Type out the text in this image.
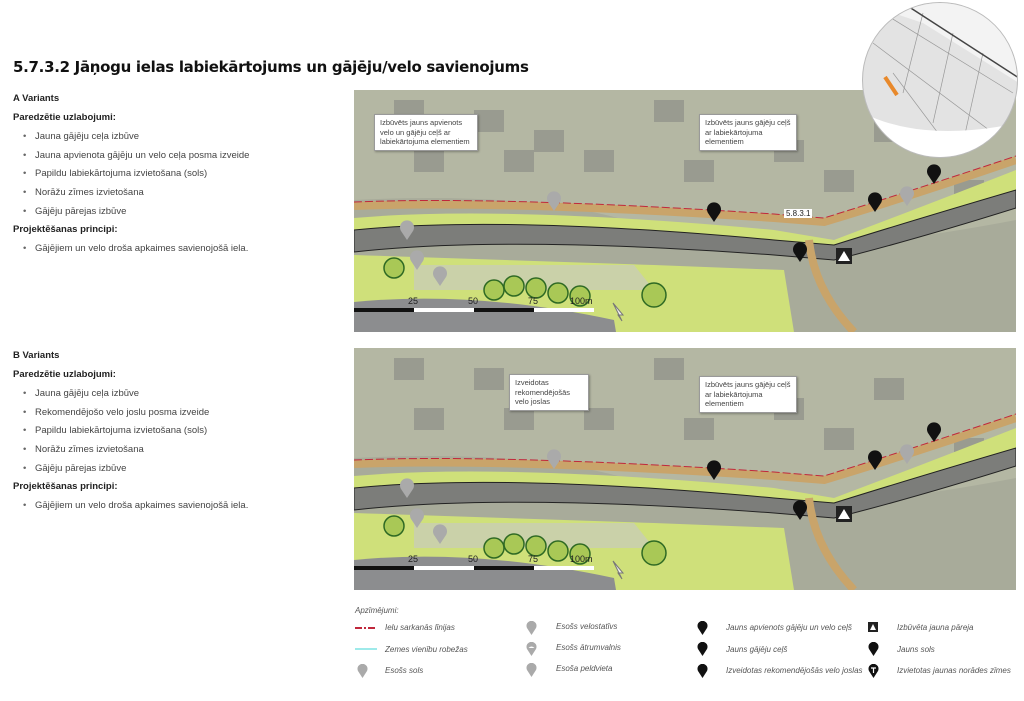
5.7.3.2 Jāņogu ielas labiekārtojums un gājēju/velo savienojums
A Variants
Paredzētie uzlabojumi:
• Jauna gājēju ceļa izbūve
• Jauna apvienota gājēju un velo ceļa posma izveide
• Papildu labiekārtojuma izvietošana (sols)
• Norāžu zīmes izvietošana
• Gājēju pārejas izbūve
Projektēšanas principi:
• Gājējiem un velo droša apkaimes savienojošā iela.
B Variants
Paredzētie uzlabojumi:
• Jauna gājēju ceļa izbūve
• Rekomendējošo velo joslu posma izveide
• Papildu labiekārtojuma izvietošana (sols)
• Norāžu zīmes izvietošana
• Gājēju pārejas izbūve
Projektēšanas principi:
• Gājējiem un velo droša apkaimes savienojošā iela.
Izbūvēts jauns apvienots velo un gājēju ceļš ar labiekārtojuma elementiem
Izbūvēts jauns gājēju ceļš ar labiekārtojuma elementiem
5.8.3.1
25	50	75	100m
Izveidotas rekomendējošās velo joslas
Izbūvēts jauns gājēju ceļš ar labiekārtojuma elementiem
25	50	75	100m
Apzīmējumi:
Ielu sarkanās līnijas
Zemes vienību robežas
Esošs sols
Esošs velostatīvs
Esošs ātrumvalnis
Esoša peldvieta
Jauns apvienots gājēju un velo ceļš
Jauns gājēju ceļš
Izveidotas rekomendējošās velo joslas
Izbūvēta jauna pāreja
Jauns sols
Izvietotas jaunas norādes zīmes
